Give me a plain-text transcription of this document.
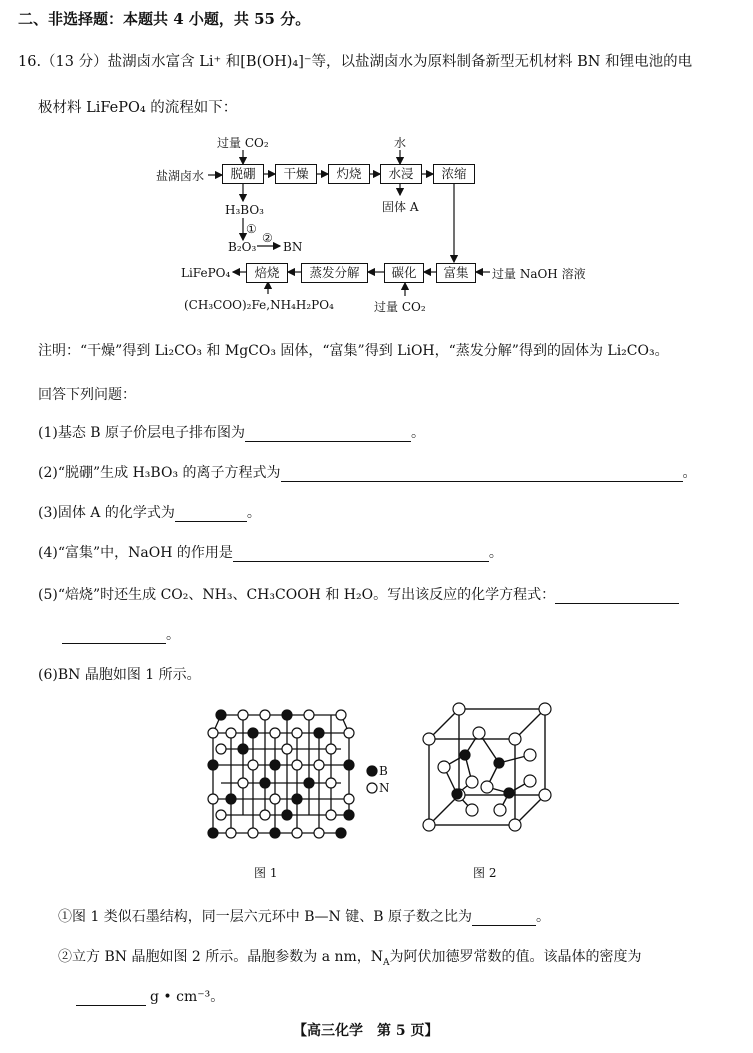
二、非选择题：本题共 4 小题，共 55 分。
16.（13 分）盐湖卤水富含 Li⁺ 和[B(OH)₄]⁻等，以盐湖卤水为原料制备新型无机材料 BN 和锂电池的电
极材料 LiFePO₄ 的流程如下：
脱硼	干燥	灼烧	水浸	浓缩
富集
碳化
蒸发分解
焙烧
过量 CO₂	水
盐湖卤水
H₃BO₃
①
②
B₂O₃ BN
固体 A
过量 NaOH 溶液
过量 CO₂
LiFePO₄
(CH₃COO)₂Fe,NH₄H₂PO₄
注明：“干燥”得到 Li₂CO₃ 和 MgCO₃ 固体，“富集”得到 LiOH，“蒸发分解”得到的固体为 Li₂CO₃。
回答下列问题：
(1)基态 B 原子价层电子排布图为	。
(2)“脱硼”生成 H₃BO₃ 的离子方程式为	。
(3)固体 A 的化学式为	。
(4)“富集”中，NaOH 的作用是	。
(5)“焙烧”时还生成 CO₂、NH₃、CH₃COOH 和 H₂O。写出该反应的化学方程式：
。
(6)BN 晶胞如图 1 所示。
B
N
图 1	图 2
①图 1 类似石墨结构，同一层六元环中 B—N 键、B 原子数之比为	。
②立方 BN 晶胞如图 2 所示。晶胞参数为 a nm，$N_A$为阿伏加德罗常数的值。该晶体的密度为
g • cm⁻³。
【高三化学　第 5 页】
